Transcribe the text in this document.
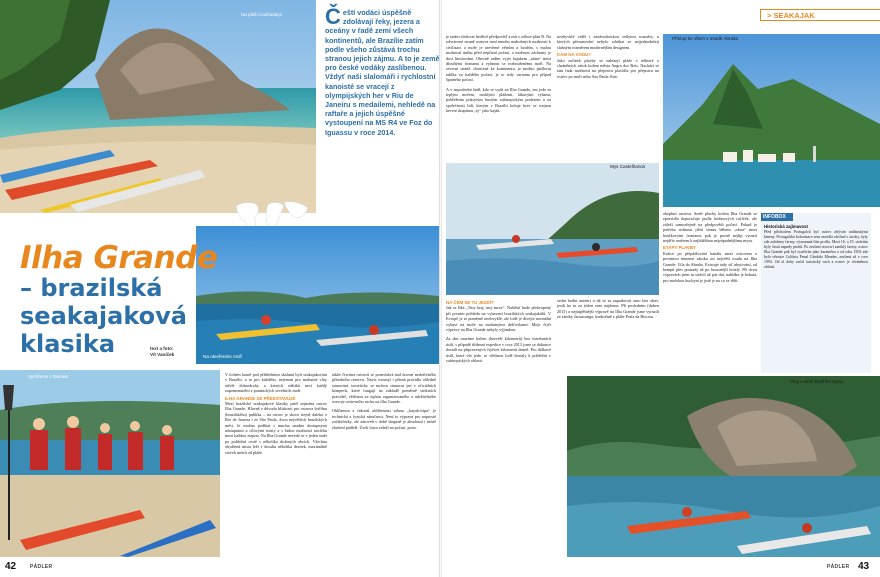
Na pláži Cachadaço Čeští vodáci úspěšně zdolávají řeky, jezera a oceány v řadě zemí všech kontinentů, ale Brazílie zatím podle všeho zůstává trochu stranou jejich zájmu. A to je země pro české vodáky zaslíbenou. Vždyť naši slalomáři i rychlostní kanoisté se vracejí z olympijských her v Riu de Janeiru s medailemi, nehledě na raftaře a jejich úspěšné vystoupení na MS R4 ve Foz do Iguassu v roce 2014.
Na otevřeném moři
Ilha Grande
– brazilská seakajaková klasika	text a foto:
Vít Vaníček
Vyráženie z Biscaia	V tichém koutě pod příbřežními skalami byli seakajakováni v Brazílii, a to pro každého, nejenom pro mohutné vlny otřelé dobrodruhy a kterých zážitků neví každý zapomenutelní z poutnických seveřních moří.

ILHA GRANDE SE PŘEDSTAVUJE

Mezi brazilské seakajakové klasiky patří zejména ostrov Ilha Grande. Hlavně z důvodu blízkosti pro ostrova šetřilnu (brazilského) publika – na ostrov je skoro stejně daleko z Rio de Janeira i ze São Paula, dvou největších brazilských měst. Je možno podlitat s mnoha snadno dostupnými nástupními a cílovými místy a s řadou možností noclehu mezi každou etapou. Na Ilha Grande nevede se v jeden směr po pobřežní cestě s několika drobných obcích. Všechna obydlená místa leží v dosahu několika desítek, maximálně stovek metrů od pláže.

takže čtvrtina ostrovů se ponechává nad úrovní nedotčeného přírodního rezervu. Navíc existují i přísná pravidla ohledně stanování, teoreticky se mohou stanovat jen v oficiálních kempech, které fungují na základě poměrně striktních pravidel, většinou za úplatu organizovaného a udržitelného rozvoje cestovního ruchu na ilha Grande.

Oblíbenou a faktorů oblíbenosti tohoto „kayak-tripu“ je technická a fyzická náročnost. Není to výprava pro naprosté začátečníky, ale zároveň v době skupině je absolutní i méně zkušení pádleři. Úsek často záleží na počasí, proto

42	PÁDLER

je radno sledovat bedlivě předpověď a mít v záloze plán B. Na odvrácené straně ostrova není mnoho nadrobných možností k civilizaci a moře je otevřené větrům a bouřím, s malou možností úniku před nepřízní počasí, a možnost záchrany je dost limitována. Obecně radím vyjet kajakem „okna“ mezi dlouhými frontami a vyhnout se rozbouřenému moři. Na severní straně, obrácené ke kontinentu, je možno pádlovat takřka za každého počasí, je to tedy varianta pro případ špatného počasí.

A v neposlední řadě, kdo se vydá na Ilha Grande, ten jede za teplým mořem, mohlými plážemi, lákavými rybami, pobřežním pokrytým hustým subtropickým pralesem a za společnosti lidí, kterým v Brazílii koluje krev se stejnou krevní skupinou „ty“ jako kajak.

neobyvklé vidět i nezávodnickou velkými rozměry, u kterých přesunování nebylo zdráhat se nejjednodušeji slušným rozměrem modernějším designem.

KAM NA VODU?

Jako začátek plavby se nabízejí pláže v některé z chráněných zátok kolem města Angra dos Reis. Nachází se tam řada možností na přepravu plavidla pro přepravu na ostrov po moři nebo Sao Paula člun.

Mys Castelhanos
NA ČEM SE TU JEZDÍ?

Jak se říká „Tmy kraj, tmy mrav“. Naštěstí bude překvapený při prvním pohledu na vybavení brazilských seakajakářů. V Evropě je to poměrně neobvyklé, ale lodě je dívejte normální vybaví na moře na mohutnými dešťovkami. Moje čtyři výpravy na Ilha Grande nebyly výjimkou.

Za den urazíme kolem (bezvěší kilometrů) bez extrémních úsilí, s případě třídenní expedice v roce 2013 jsme se dokonce dostali na připravených čtyřicet kilometrů denně. Pro dálkové úsilí, které vše jede, se většinou lodě dostaly k pobřežní v subtropických oblasti.

sedm hodin autem) a dá se tu zaparkovat auto bez obav, jestli ho tu za týden zase najdeme. Při posledním (duben 2015) a nejúspěšnější výpravě na Ilha Grande jsme vyrazili ze zátoky Jacuacanga, konkrétně z pláže Praia da Biscaia.

> SEAKAJAK
Přístup ke všem v osadě Abraão

obeplutí ostrova. Směr plavby kolem Ilha Grande se zpravidla doporučuje podle hodinových ručiček, ale záleží samozřejmě na předpovědi počasí. Pokud je potřeba stihnout jižní stranu během „okna“ mezi bouřkovými frontami, pak je prostě nejlíp vyrazit nejdřív směrem k nejbližšímu nejzápadnějšímu mysu.

ETAPY PLAVBY

Krátce po přepádlování kanálu mezi ostrovem a pevninou mineme zátoku asi největší osadu na Ilha Grande: Vila do Abraão. Existuje tady síť ubytování, od kempů přes pousady až po luxusnější hotely. Při dvou výpravách jsem tu strávil už pár dní, nabídka je bohatá, pro mořskou kuchyni je jistě je na co se těšit.

INFOBOX
Historická zajímavost
Před příchodem Portugalců byl ostrov obýván indiánskými kmeny. Portugalská kolonizace sem zavedla obchod s otroky, byly zde založeny farmy, významná část prošla. Mezi 16. a 19. stoletím byly častá napady pirátů. Po zrušení otroctví zaniklý farmy, ostrov Ilha Grande pak byl využíván jako karanténa a od roku 1903 zde byla věznice Colônia Penal Cândido Mendes, zrušená až v roce 1994. Od té doby začal turistický ruch a ostrov je chráněnou oblastí.
Vlny v okolí Dražího mysu
PÁDLER 43
